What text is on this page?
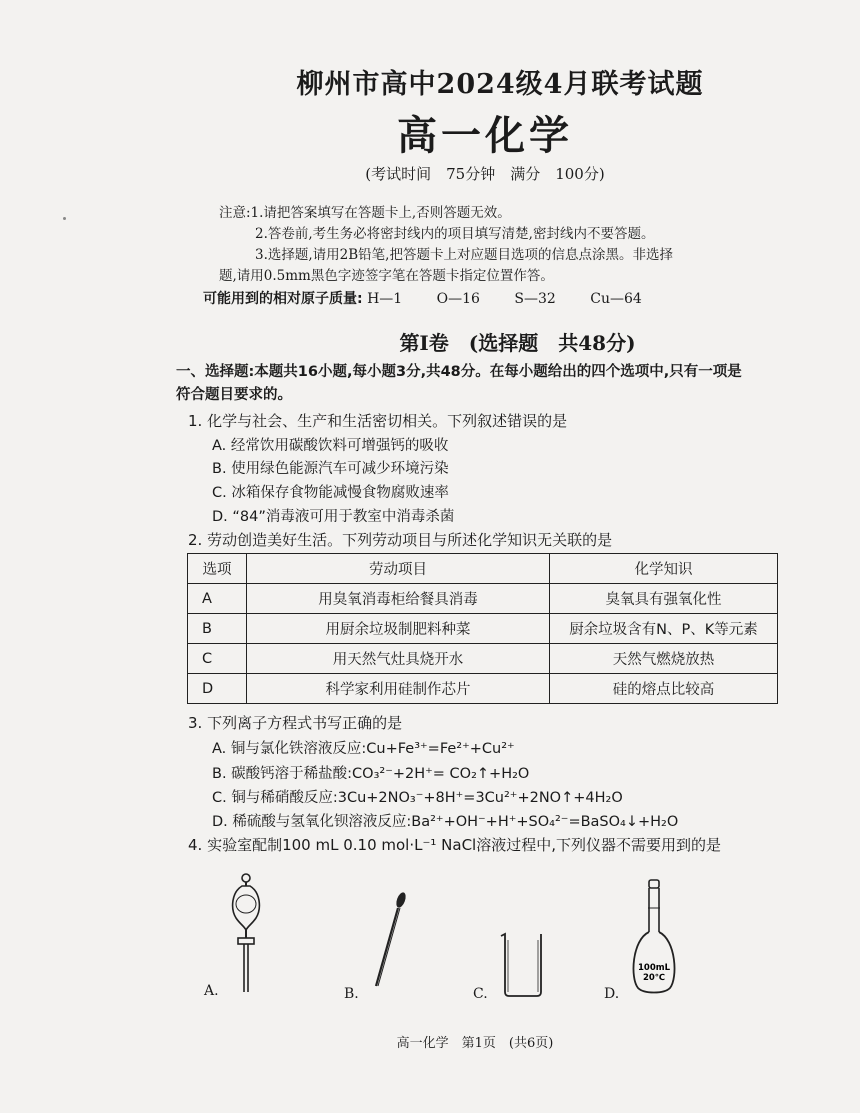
柳州市高中2024级4月联考试题
高一化学
(考试时间　75分钟　满分　100分)
注意:1.请把答案填写在答题卡上,否则答题无效。
2.答卷前,考生务必将密封线内的项目填写清楚,密封线内不要答题。
3.选择题,请用2B铅笔,把答题卡上对应题目选项的信息点涂黑。非选择
题,请用0.5mm黑色字迹签字笔在答题卡指定位置作答。
可能用到的相对原子质量: H—1 O—16 S—32 Cu—64
第Ⅰ卷　(选择题　共48分)
一、选择题:本题共16小题,每小题3分,共48分。在每小题给出的四个选项中,只有一项是
符合题目要求的。
1. 化学与社会、生产和生活密切相关。下列叙述错误的是
A. 经常饮用碳酸饮料可增强钙的吸收
B. 使用绿色能源汽车可减少环境污染
C. 冰箱保存食物能减慢食物腐败速率
D. “84”消毒液可用于教室中消毒杀菌
2. 劳动创造美好生活。下列劳动项目与所述化学知识无关联的是
选项	劳动项目	化学知识
A	用臭氧消毒柜给餐具消毒	臭氧具有强氧化性
B	用厨余垃圾制肥料种菜	厨余垃圾含有N、P、K等元素
C	用天然气灶具烧开水	天然气燃烧放热
D	科学家利用硅制作芯片	硅的熔点比较高
3. 下列离子方程式书写正确的是
A. 铜与氯化铁溶液反应:Cu+Fe³⁺=Fe²⁺+Cu²⁺
B. 碳酸钙溶于稀盐酸:CO₃²⁻+2H⁺= CO₂↑+H₂O
C. 铜与稀硝酸反应:3Cu+2NO₃⁻+8H⁺=3Cu²⁺+2NO↑+4H₂O
D. 稀硫酸与氢氧化钡溶液反应:Ba²⁺+OH⁻+H⁺+SO₄²⁻=BaSO₄↓+H₂O
4. 实验室配制100 mL 0.10 mol·L⁻¹ NaCl溶液过程中,下列仪器不需要用到的是
100mL
20℃
A.	B.	C.	D.
高一化学　第1页　(共6页)
